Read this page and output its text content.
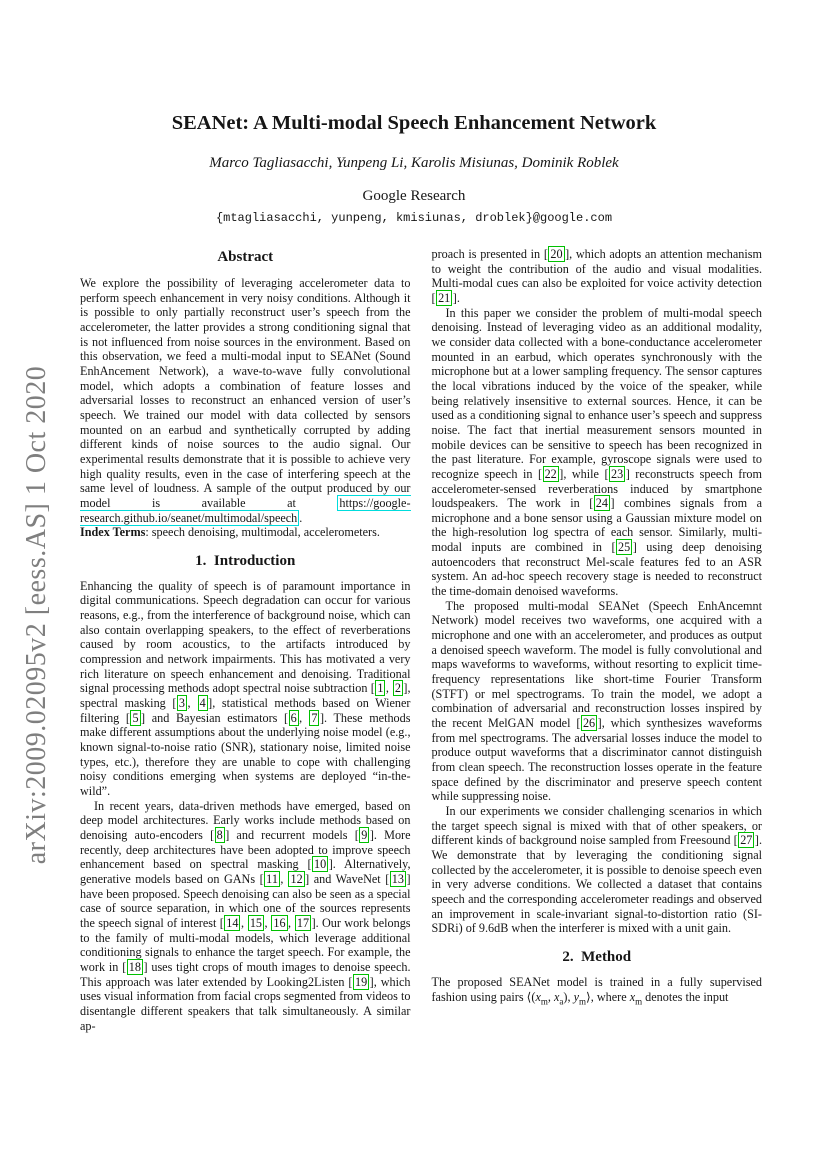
arXiv:2009.02095v2 [eess.AS] 1 Oct 2020
SEANet: A Multi-modal Speech Enhancement Network
Marco Tagliasacchi, Yunpeng Li, Karolis Misiunas, Dominik Roblek
Google Research
{mtagliasacchi, yunpeng, kmisiunas, droblek}@google.com
Abstract

We explore the possibility of leveraging accelerometer data to perform speech enhancement in very noisy conditions. Although it is possible to only partially reconstruct user’s speech from the accelerometer, the latter provides a strong conditioning signal that is not influenced from noise sources in the environment. Based on this observation, we feed a multi-modal input to SEANet (Sound EnhAncement Network), a wave-to-wave fully convolutional model, which adopts a combination of feature losses and adversarial losses to reconstruct an enhanced version of user’s speech. We trained our model with data collected by sensors mounted on an earbud and synthetically corrupted by adding different kinds of noise sources to the audio signal. Our experimental results demonstrate that it is possible to achieve very high quality results, even in the case of interfering speech at the same level of loudness. A sample of the output produced by our model is available at https://google-research.github.io/seanet/multimodal/speech .

Index Terms: speech denoising, multimodal, accelerometers.

1. Introduction

Enhancing the quality of speech is of paramount importance in digital communications. Speech degradation can occur for various reasons, e.g., from the interference of background noise, which can also contain overlapping speakers, to the effect of reverberations caused by room acoustics, to the artifacts introduced by compression and network impairments. This has motivated a very rich literature on speech enhancement and denoising. Traditional signal processing methods adopt spectral noise subtraction [ 1 , 2 ], spectral masking [ 3 , 4 ], statistical methods based on Wiener filtering [ 5 ] and Bayesian estimators [ 6 , 7 ]. These methods make different assumptions about the underlying noise model (e.g., known signal-to-noise ratio (SNR), stationary noise, limited noise types, etc.), therefore they are unable to cope with challenging noisy conditions emerging when systems are deployed “in-the-wild”.

In recent years, data-driven methods have emerged, based on deep model architectures. Early works include methods based on denoising auto-encoders [ 8 ] and recurrent models [ 9 ]. More recently, deep architectures have been adopted to improve speech enhancement based on spectral masking [ 10 ]. Alternatively, generative models based on GANs [ 11 , 12 ] and WaveNet [ 13 ] have been proposed. Speech denoising can also be seen as a special case of source separation, in which one of the sources represents the speech signal of interest [ 14 , 15 , 16 , 17 ]. Our work belongs to the family of multi-modal models, which leverage additional conditioning signals to enhance the target speech. For example, the work in [ 18 ] uses tight crops of mouth images to denoise speech. This approach was later extended by Looking2Listen [ 19 ], which uses visual information from facial crops segmented from videos to disentangle different speakers that talk simultaneously. A similar ap-

proach is presented in [ 20 ], which adopts an attention mechanism to weight the contribution of the audio and visual modalities. Multi-modal cues can also be exploited for voice activity detection [ 21 ].

In this paper we consider the problem of multi-modal speech denoising. Instead of leveraging video as an additional modality, we consider data collected with a bone-conductance accelerometer mounted in an earbud, which operates synchronously with the microphone but at a lower sampling frequency. The sensor captures the local vibrations induced by the voice of the speaker, while being relatively insensitive to external sources. Hence, it can be used as a conditioning signal to enhance user’s speech and suppress noise. The fact that inertial measurement sensors mounted in mobile devices can be sensitive to speech has been recognized in the past literature. For example, gyroscope signals were used to recognize speech in [ 22 ], while [ 23 ] reconstructs speech from accelerometer-sensed reverberations induced by smartphone loudspeakers. The work in [ 24 ] combines signals from a microphone and a bone sensor using a Gaussian mixture model on the high-resolution log spectra of each sensor. Similarly, multi-modal inputs are combined in [ 25 ] using deep denoising autoencoders that reconstruct Mel-scale features fed to an ASR system. An ad-hoc speech recovery stage is needed to reconstruct the time-domain denoised waveforms.

The proposed multi-modal SEANet (Speech EnhAncemnt Network) model receives two waveforms, one acquired with a microphone and one with an accelerometer, and produces as output a denoised speech waveform. The model is fully convolutional and maps waveforms to waveforms, without resorting to explicit time-frequency representations like short-time Fourier Transform (STFT) or mel spectrograms. To train the model, we adopt a combination of adversarial and reconstruction losses inspired by the recent MelGAN model [ 26 ], which synthesizes waveforms from mel spectrograms. The adversarial losses induce the model to produce output waveforms that a discriminator cannot distinguish from clean speech. The reconstruction losses operate in the feature space defined by the discriminator and preserve speech content while suppressing noise.

In our experiments we consider challenging scenarios in which the target speech signal is mixed with that of other speakers, or different kinds of background noise sampled from Freesound [ 27 ]. We demonstrate that by leveraging the conditioning signal collected by the accelerometer, it is possible to denoise speech even in very adverse conditions. We collected a dataset that contains speech and the corresponding accelerometer readings and observed an improvement in scale-invariant signal-to-distortion ratio (SI-SDRi) of 9.6dB when the interferer is mixed with a unit gain.

2. Method

The proposed SEANet model is trained in a fully supervised fashion using pairs $⟨(x_m$, $x_a$), $y_m⟩$, where $x_m$ denotes the input
